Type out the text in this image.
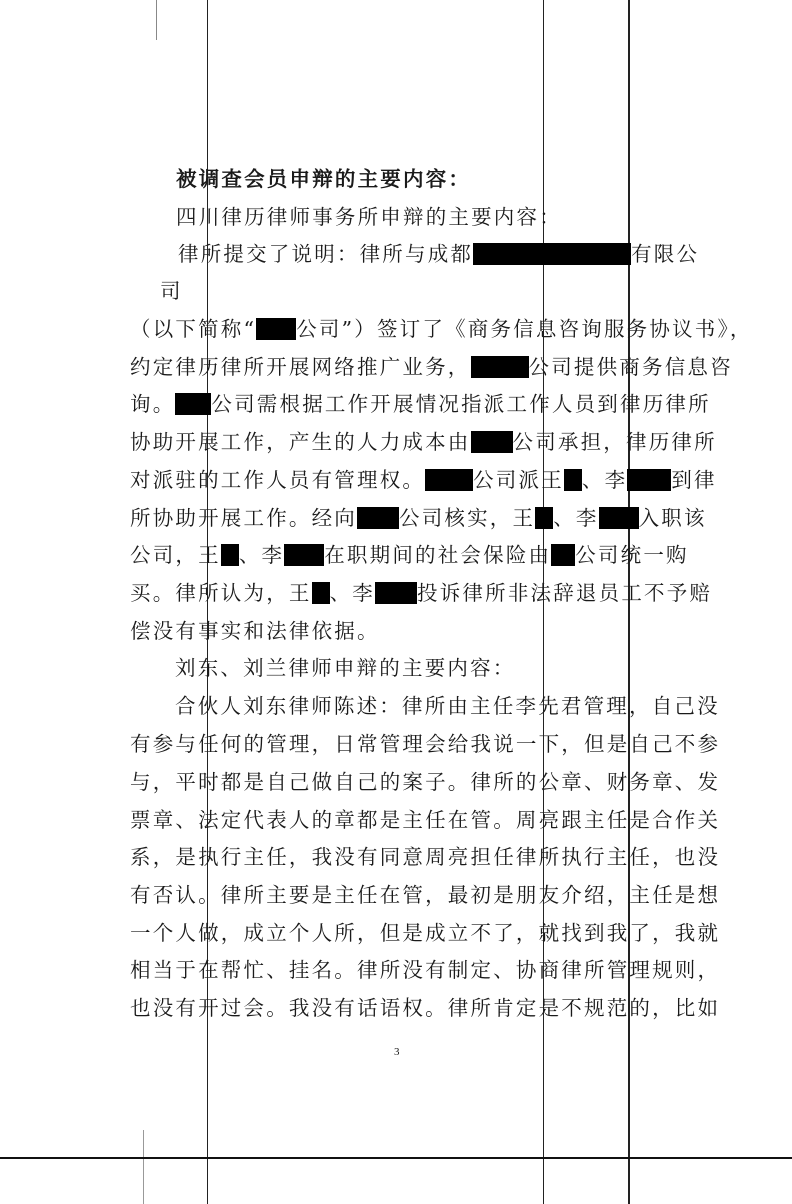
被调查会员申辩的主要内容：
四川律历律师事务所申辩的主要内容：
律所提交了说明：律所与成都	有限公
司
（以下简称“ 公司”）签订了《商务信息咨询服务协议书》，
约定律历律所开展网络推广业务，	公司提供商务信息咨
询。 公司需根据工作开展情况指派工作人员到律历律所
协助开展工作，产生的人力成本由 公司承担，律历律所
对派驻的工作人员有管理权。 公司派王 、李 到律
所协助开展工作。经向 公司核实，王 、李 入职该
公司，王 、李 在职期间的社会保险由 公司统一购
买。律所认为，王 、李 投诉律所非法辞退员工不予赔
偿没有事实和法律依据。
刘东、刘兰律师申辩的主要内容：
合伙人刘东律师陈述：律所由主任李先君管理，自己没
有参与任何的管理，日常管理会给我说一下，但是自己不参
与，平时都是自己做自己的案子。律所的公章、财务章、发
票章、法定代表人的章都是主任在管。周亮跟主任是合作关
系，是执行主任，我没有同意周亮担任律所执行主任，也没
有否认。律所主要是主任在管，最初是朋友介绍，主任是想
一个人做，成立个人所，但是成立不了，就找到我了，我就
相当于在帮忙、挂名。律所没有制定、协商律所管理规则，
也没有开过会。我没有话语权。律所肯定是不规范的，比如
3
